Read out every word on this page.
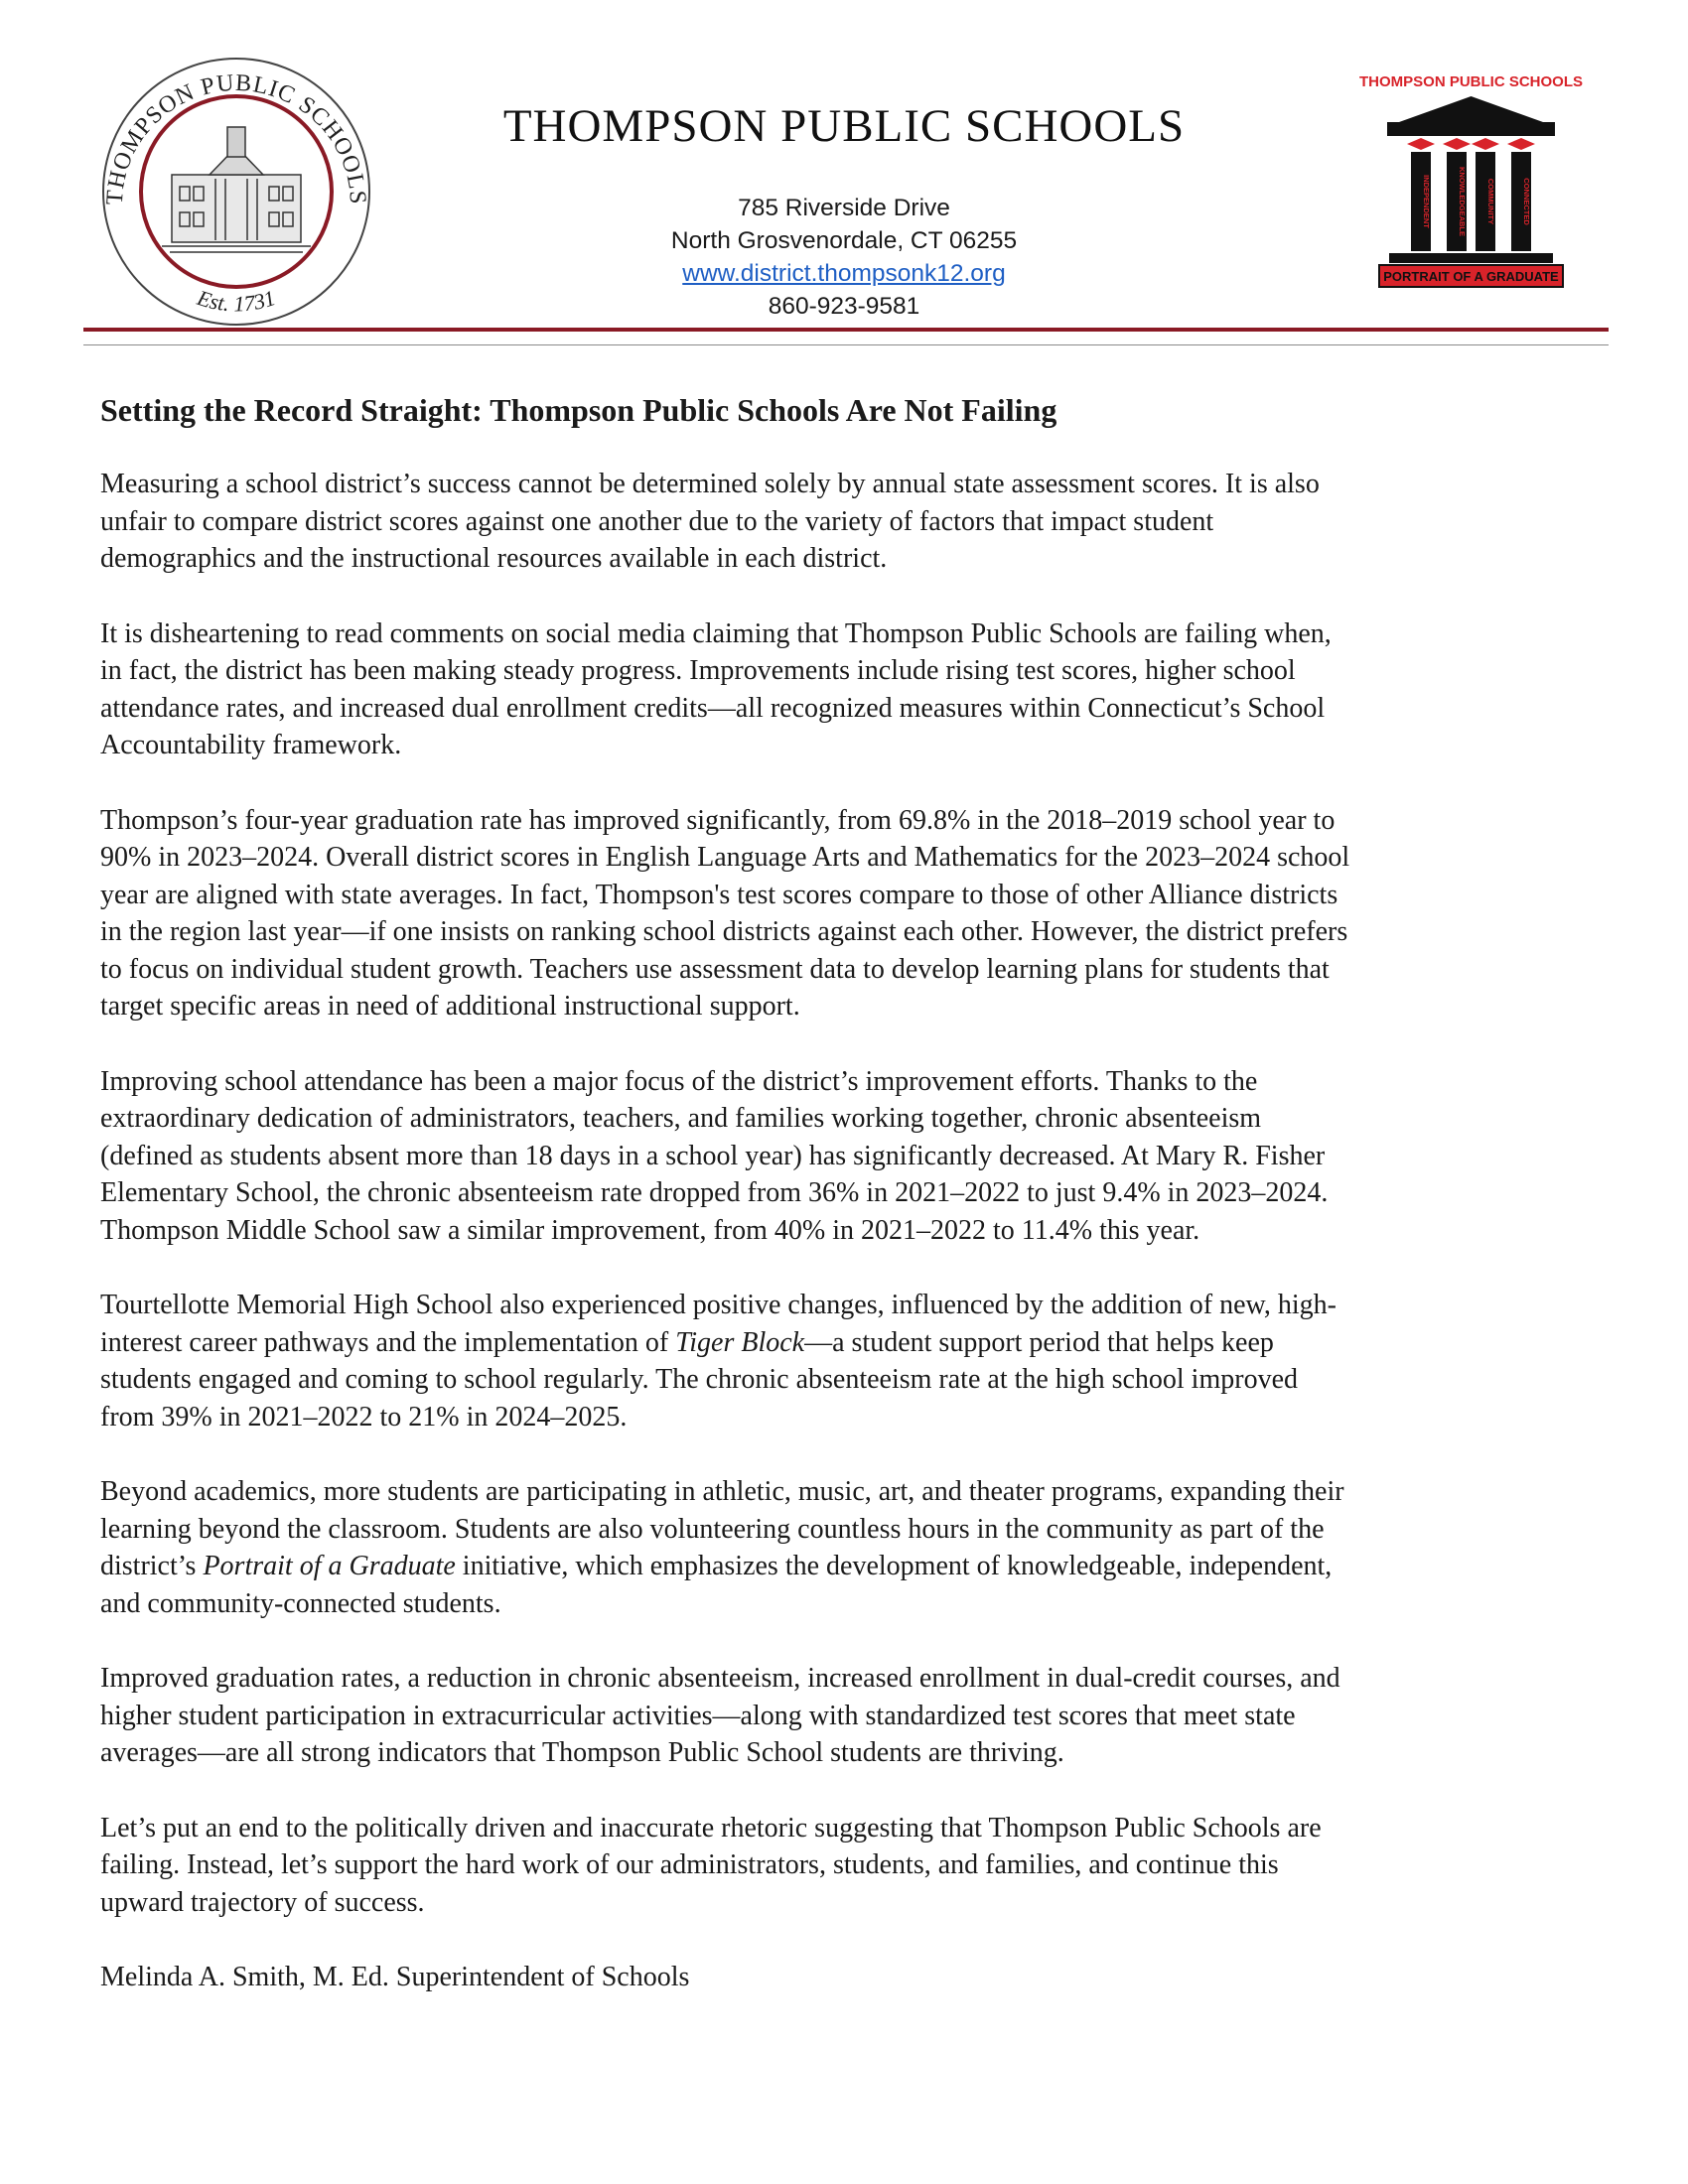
THOMPSON PUBLIC SCHOOLS
Est. 1731
THOMPSON PUBLIC SCHOOLS
785 Riverside Drive
North Grosvenordale, CT 06255
www.district.thompsonk12.org
860-923-9581
THOMPSON PUBLIC SCHOOLS
INDEPENDENT	KNOWLEDGEABLE	COMMUNITY	CONNECTED
PORTRAIT OF A GRADUATE
Setting the Record Straight: Thompson Public Schools Are Not Failing

Measuring a school district’s success cannot be determined solely by annual state assessment scores. It is also
unfair to compare district scores against one another due to the variety of factors that impact student
demographics and the instructional resources available in each district.

It is disheartening to read comments on social media claiming that Thompson Public Schools are failing when,
in fact, the district has been making steady progress. Improvements include rising test scores, higher school
attendance rates, and increased dual enrollment credits—all recognized measures within Connecticut’s School
Accountability framework.

Thompson’s four-year graduation rate has improved significantly, from 69.8% in the 2018–2019 school year to
90% in 2023–2024. Overall district scores in English Language Arts and Mathematics for the 2023–2024 school
year are aligned with state averages. In fact, Thompson's test scores compare to those of other Alliance districts
in the region last year—if one insists on ranking school districts against each other. However, the district prefers
to focus on individual student growth. Teachers use assessment data to develop learning plans for students that
target specific areas in need of additional instructional support.

Improving school attendance has been a major focus of the district’s improvement efforts. Thanks to the
extraordinary dedication of administrators, teachers, and families working together, chronic absenteeism
(defined as students absent more than 18 days in a school year) has significantly decreased. At Mary R. Fisher
Elementary School, the chronic absenteeism rate dropped from 36% in 2021–2022 to just 9.4% in 2023–2024.
Thompson Middle School saw a similar improvement, from 40% in 2021–2022 to 11.4% this year.

Tourtellotte Memorial High School also experienced positive changes, influenced by the addition of new, high-
interest career pathways and the implementation of Tiger Block—a student support period that helps keep
students engaged and coming to school regularly. The chronic absenteeism rate at the high school improved
from 39% in 2021–2022 to 21% in 2024–2025.

Beyond academics, more students are participating in athletic, music, art, and theater programs, expanding their
learning beyond the classroom. Students are also volunteering countless hours in the community as part of the
district’s Portrait of a Graduate initiative, which emphasizes the development of knowledgeable, independent,
and community-connected students.

Improved graduation rates, a reduction in chronic absenteeism, increased enrollment in dual-credit courses, and
higher student participation in extracurricular activities—along with standardized test scores that meet state
averages—are all strong indicators that Thompson Public School students are thriving.

Let’s put an end to the politically driven and inaccurate rhetoric suggesting that Thompson Public Schools are
failing. Instead, let’s support the hard work of our administrators, students, and families, and continue this
upward trajectory of success.

Melinda A. Smith, M. Ed. Superintendent of Schools
